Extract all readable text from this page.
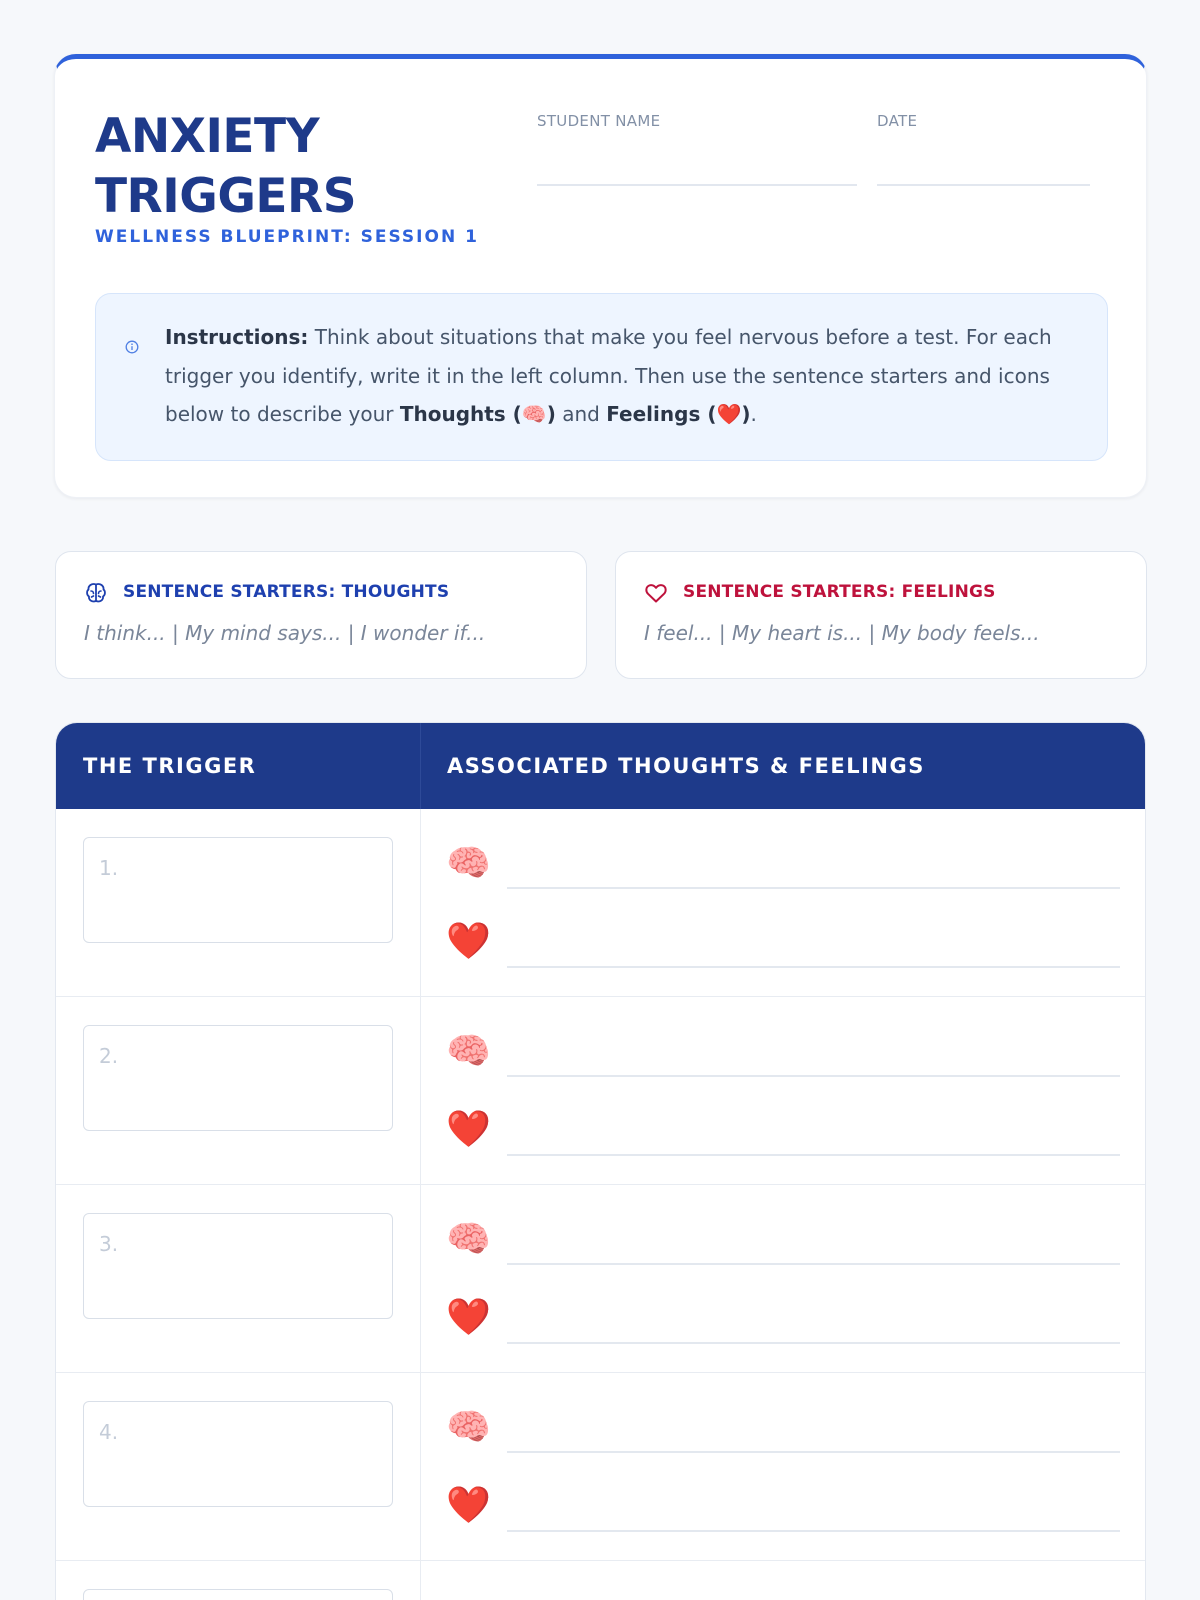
ANXIETY
TRIGGERS
WELLNESS BLUEPRINT: SESSION 1
STUDENT NAME	DATE
Instructions: Think about situations that make you feel nervous before a test. For each trigger you identify, write it in the left column. Then use the sentence starters and icons below to describe your Thoughts (🧠) and Feelings (❤️).
SENTENCE STARTERS: THOUGHTS
I think... | My mind says... | I wonder if...
SENTENCE STARTERS: FEELINGS
I feel... | My heart is... | My body feels...
THE TRIGGER	ASSOCIATED THOUGHTS & FEELINGS
1.	🧠
❤️
2.	🧠
❤️
3.	🧠
❤️
4.	🧠
❤️
